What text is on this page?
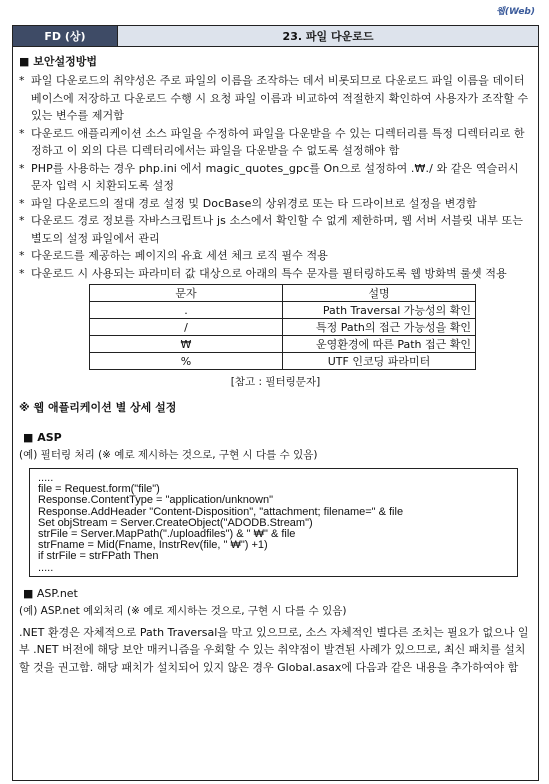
웹(Web)
FD (상)	23. 파일 다운로드
■ 보안설정방법
* 파일 다운로드의 취약성은 주로 파일의 이름을 조작하는 데서 비롯되므로 다운로드 파일 이름을 데이터베이스에 저장하고 다운로드 수행 시 요청 파일 이름과 비교하여 적절한지 확인하여 사용자가 조작할 수 있는 변수를 제거함
* 다운로드 애플리케이션 소스 파일을 수정하여 파일을 다운받을 수 있는 디렉터리를 특정 디렉터리로 한정하고 이 외의 다른 디렉터리에서는 파일을 다운받을 수 없도록 설정해야 함
* PHP를 사용하는 경우 php.ini 에서 magic_quotes_gpc를 On으로 설정하여 .₩./ 와 같은 역슬러시 문자 입력 시 치환되도록 설정
* 파일 다운로드의 절대 경로 설정 및 DocBase의 상위경로 또는 타 드라이브로 설정을 변경함
* 다운로드 경로 정보를 자바스크립트나 js 소스에서 확인할 수 없게 제한하며, 웹 서버 서블릿 내부 또는 별도의 설정 파일에서 관리
* 다운로드를 제공하는 페이지의 유효 세션 체크 로직 필수 적용
* 다운로드 시 사용되는 파라미터 값 대상으로 아래의 특수 문자를 필터링하도록 웹 방화벽 룰셋 적용
문자	설명
.	Path Traversal 가능성의 확인
/	특정 Path의 접근 가능성을 확인
₩	운영환경에 따른 Path 접근 확인
%	UTF 인코딩 파라미터
[참고 : 필터링문자]
※ 웹 애플리케이션 별 상세 설정
■ ASP
(예) 필터링 처리 (※ 예로 제시하는 것으로, 구현 시 다를 수 있음)
.....
file = Request.form("file")
Response.ContentType = "application/unknown"
Response.AddHeader "Content-Disposition", "attachment; filename=" & file
Set objStream = Server.CreateObject("ADODB.Stream")
strFile = Server.MapPath("./uploadfiles") & " ₩" & file
strFname = Mid(Fname, InstrRev(file, " ₩") +1)
if strFile = strFPath Then
.....
■ ASP.net
(예) ASP.net 예외처리 (※ 예로 제시하는 것으로, 구현 시 다를 수 있음)
.NET 환경은 자체적으로 Path Traversal을 막고 있으므로, 소스 자체적인 별다른 조치는 필요가 없으나 일부 .NET 버전에 해당 보안 매커니즘을 우회할 수 있는 취약점이 발견된 사례가 있으므로, 최신 패치를 설치할 것을 권고함. 해당 패치가 설치되어 있지 않은 경우 Global.asax에 다음과 같은 내용을 추가하여야 함
